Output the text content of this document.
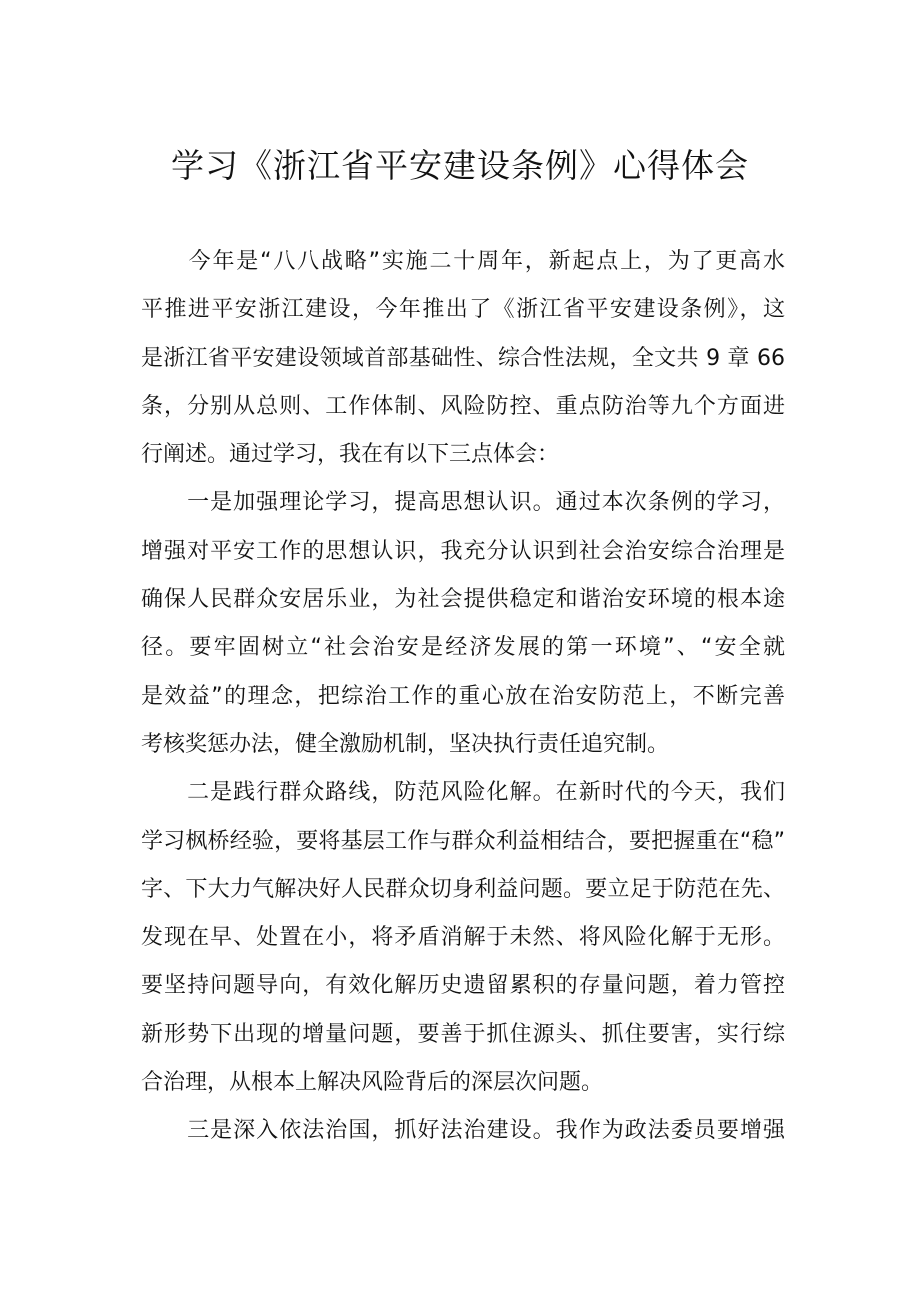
学习《浙江省平安建设条例》心得体会
　　今年是“八八战略”实施二十周年，新起点上，为了更高水
平推进平安浙江建设，今年推出了《浙江省平安建设条例》，这
是浙江省平安建设领域首部基础性、综合性法规，全文共 9 章 66
条，分别从总则、工作体制、风险防控、重点防治等九个方面进
行阐述。通过学习，我在有以下三点体会：
　　一是加强理论学习，提高思想认识。通过本次条例的学习，
增强对平安工作的思想认识，我充分认识到社会治安综合治理是
确保人民群众安居乐业，为社会提供稳定和谐治安环境的根本途
径。要牢固树立“社会治安是经济发展的第一环境”、“安全就
是效益”的理念，把综治工作的重心放在治安防范上，不断完善
考核奖惩办法，健全激励机制，坚决执行责任追究制。
　　二是践行群众路线，防范风险化解。在新时代的今天，我们
学习枫桥经验，要将基层工作与群众利益相结合，要把握重在“稳”
字、下大力气解决好人民群众切身利益问题。要立足于防范在先、
发现在早、处置在小，将矛盾消解于未然、将风险化解于无形。
要坚持问题导向，有效化解历史遗留累积的存量问题，着力管控
新形势下出现的增量问题，要善于抓住源头、抓住要害，实行综
合治理，从根本上解决风险背后的深层次问题。
　　三是深入依法治国，抓好法治建设。我作为政法委员要增强
